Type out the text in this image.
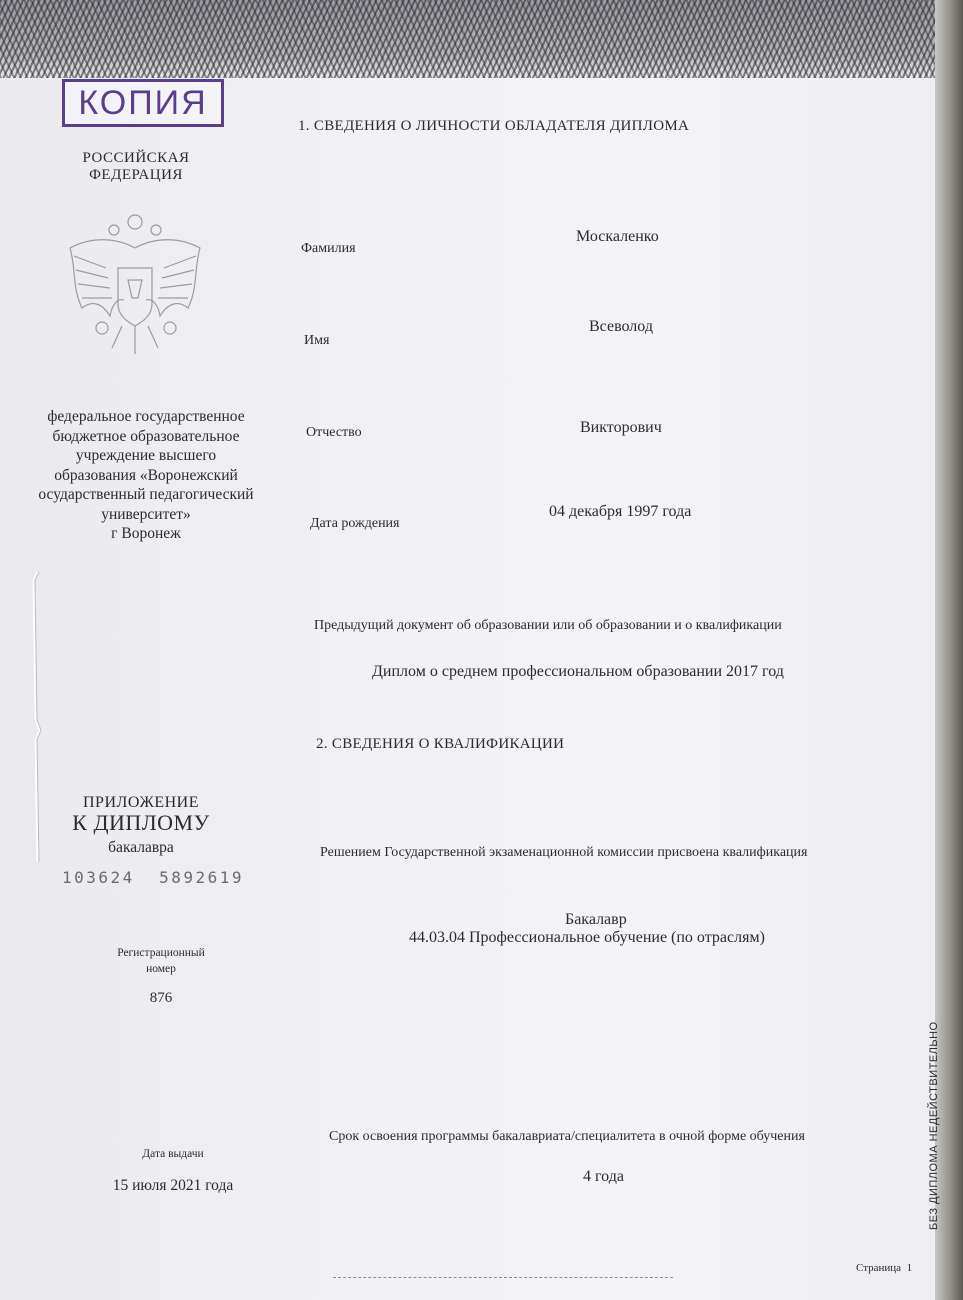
КОПИЯ
РОССИЙСКАЯ
ФЕДЕРАЦИЯ
федеральное государственное
бюджетное образовательное
учреждение высшего
образования «Воронежский
осударственный педагогический
университет»
г Воронеж
ПРИЛОЖЕНИЕ
К ДИПЛОМУ
бакалавра
103624  5892619
Регистрационный
номер
876
Дата выдачи
15 июля 2021 года
1. СВЕДЕНИЯ О ЛИЧНОСТИ ОБЛАДАТЕЛЯ ДИПЛОМА
Фамилия
Москаленко
Имя
Всеволод
Отчество	Викторович
Дата рождения
04 декабря 1997 года
Предыдущий документ об образовании или об образовании и о квалификации
Диплом о среднем профессиональном образовании 2017 год
2. СВЕДЕНИЯ О КВАЛИФИКАЦИИ
Решением Государственной экзаменационной комиссии присвоена квалификация
Бакалавр
44.03.04 Профессиональное обучение (по отраслям)
Срок освоения программы бакалавриата/специалитета в очной форме обучения
4 года	БЕЗ ДИПЛОМА НЕДЕЙСТВИТЕЛЬНО
Страница 1
